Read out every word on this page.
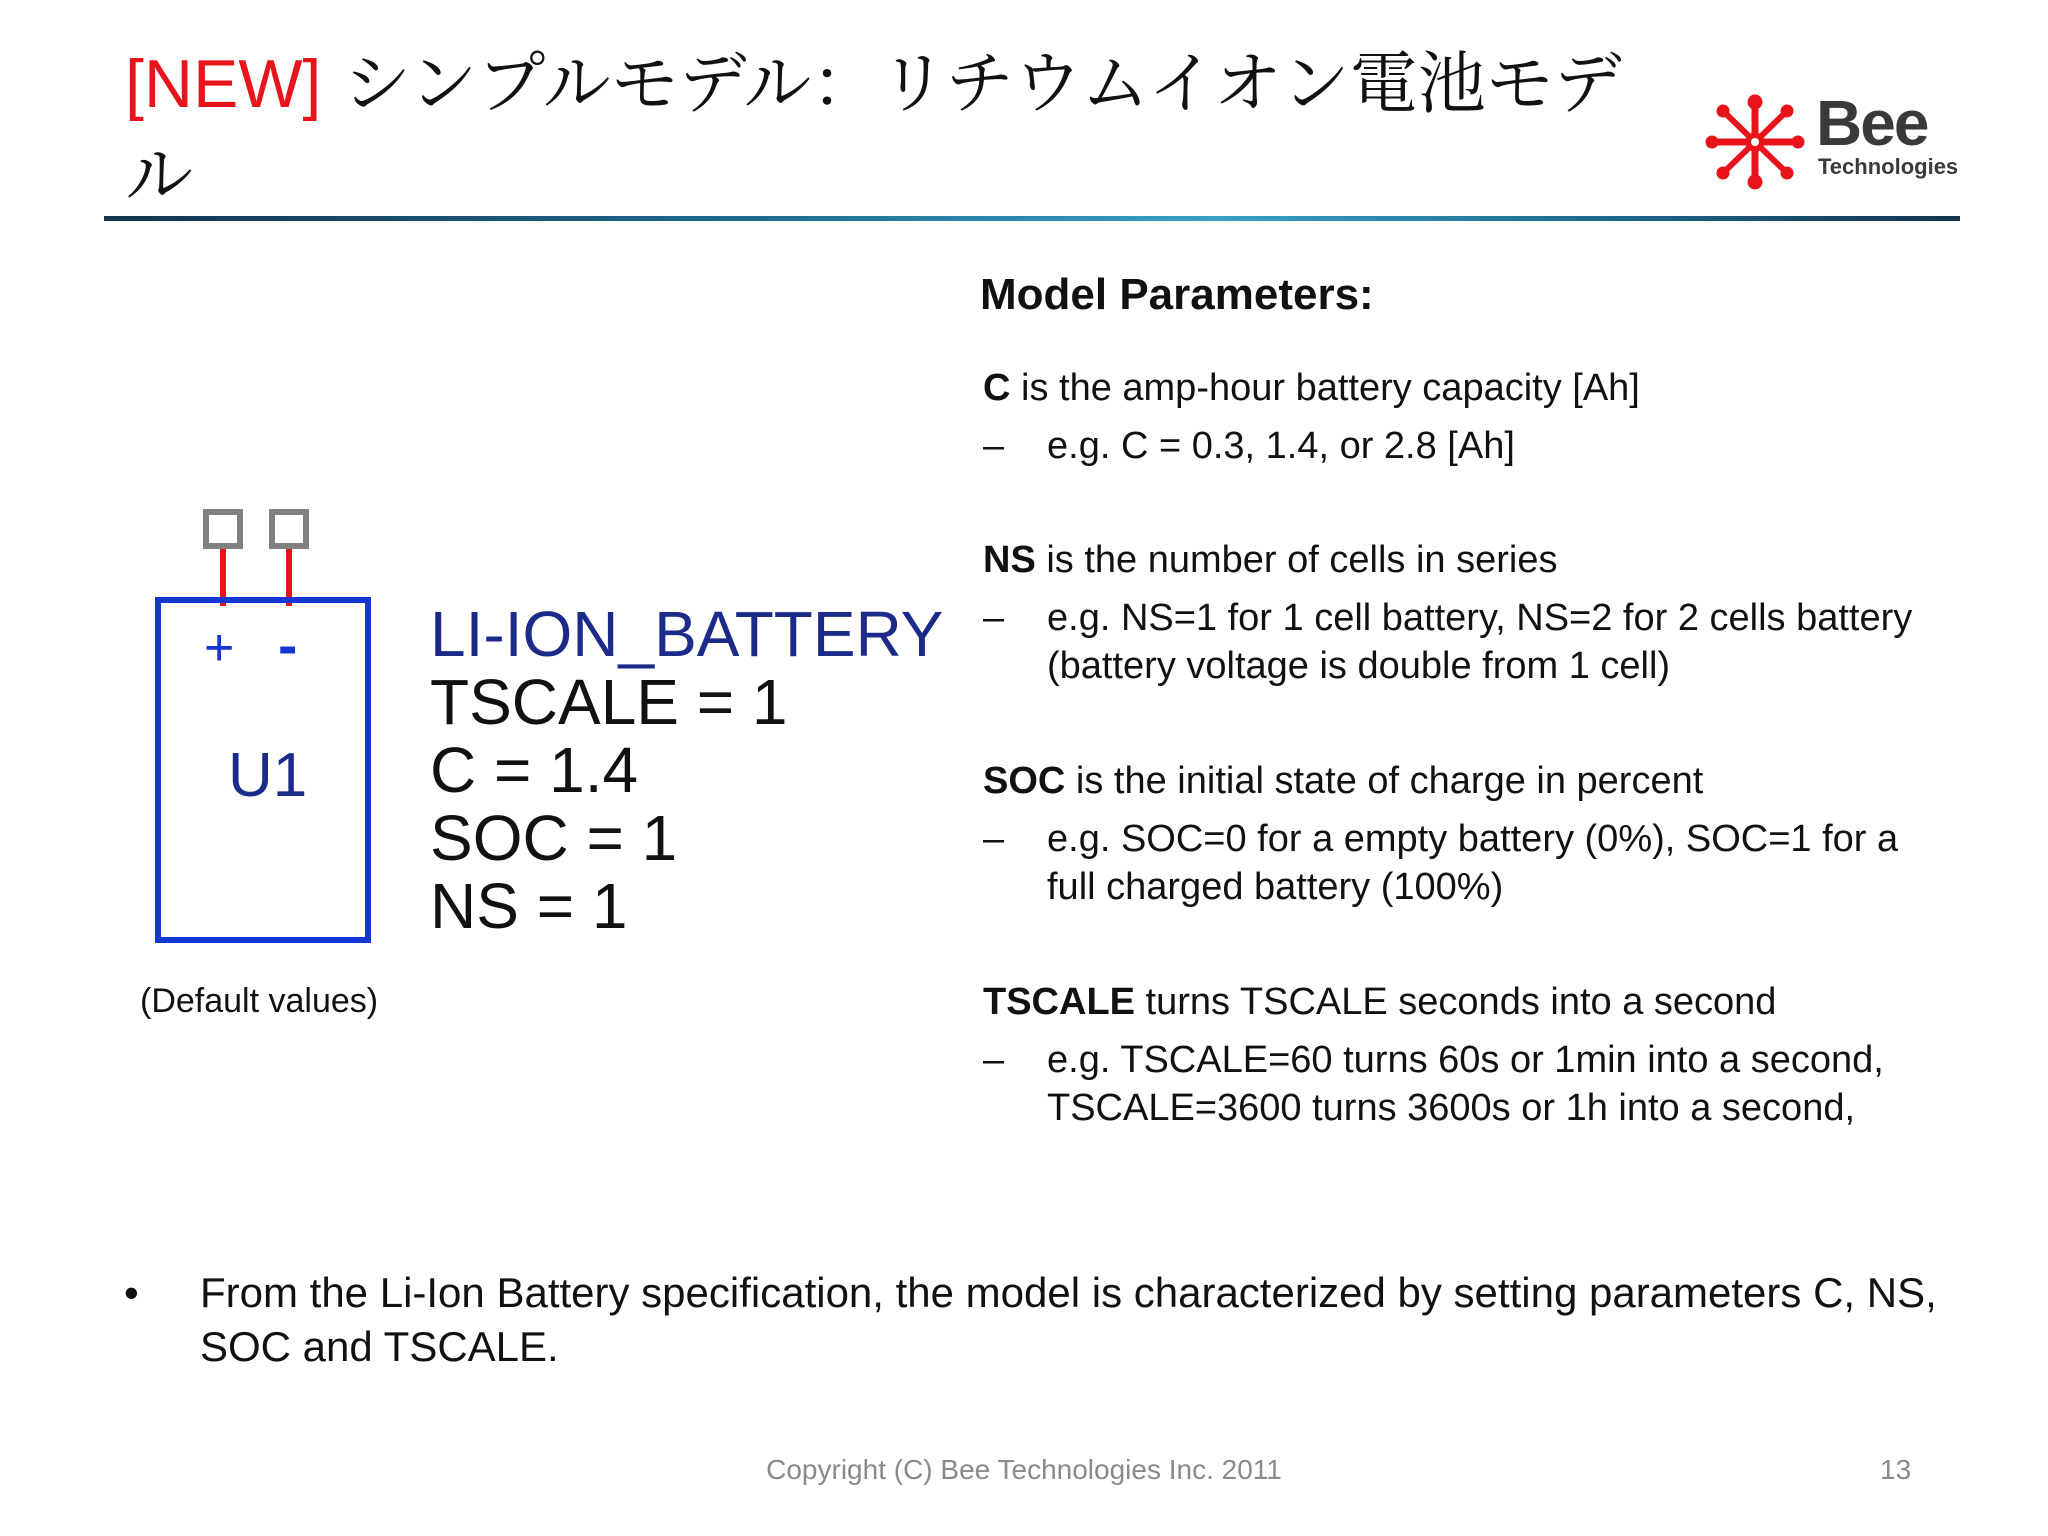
[NEW] シンプルモデル：リチウムイオン電池モデル
Bee
Technologies
+ -
U1
LI-ION_BATTERY
TSCALE = 1
C = 1.4
SOC = 1
NS = 1
(Default values)
Model Parameters:
C is the amp-hour battery capacity [Ah]
– e.g. C = 0.3, 1.4, or 2.8 [Ah]
NS is the number of cells in series
– e.g. NS=1 for 1 cell battery, NS=2 for 2 cells battery (battery voltage is double from 1 cell)
SOC is the initial state of charge in percent
– e.g. SOC=0 for a empty battery (0%), SOC=1 for a full charged battery (100%)
TSCALE turns TSCALE seconds into a second
– e.g. TSCALE=60 turns 60s or 1min into a second, TSCALE=3600 turns 3600s or 1h into a second,
• From the Li-Ion Battery specification, the model is characterized by setting parameters C, NS, SOC and TSCALE.
Copyright (C) Bee Technologies Inc. 2011	13
